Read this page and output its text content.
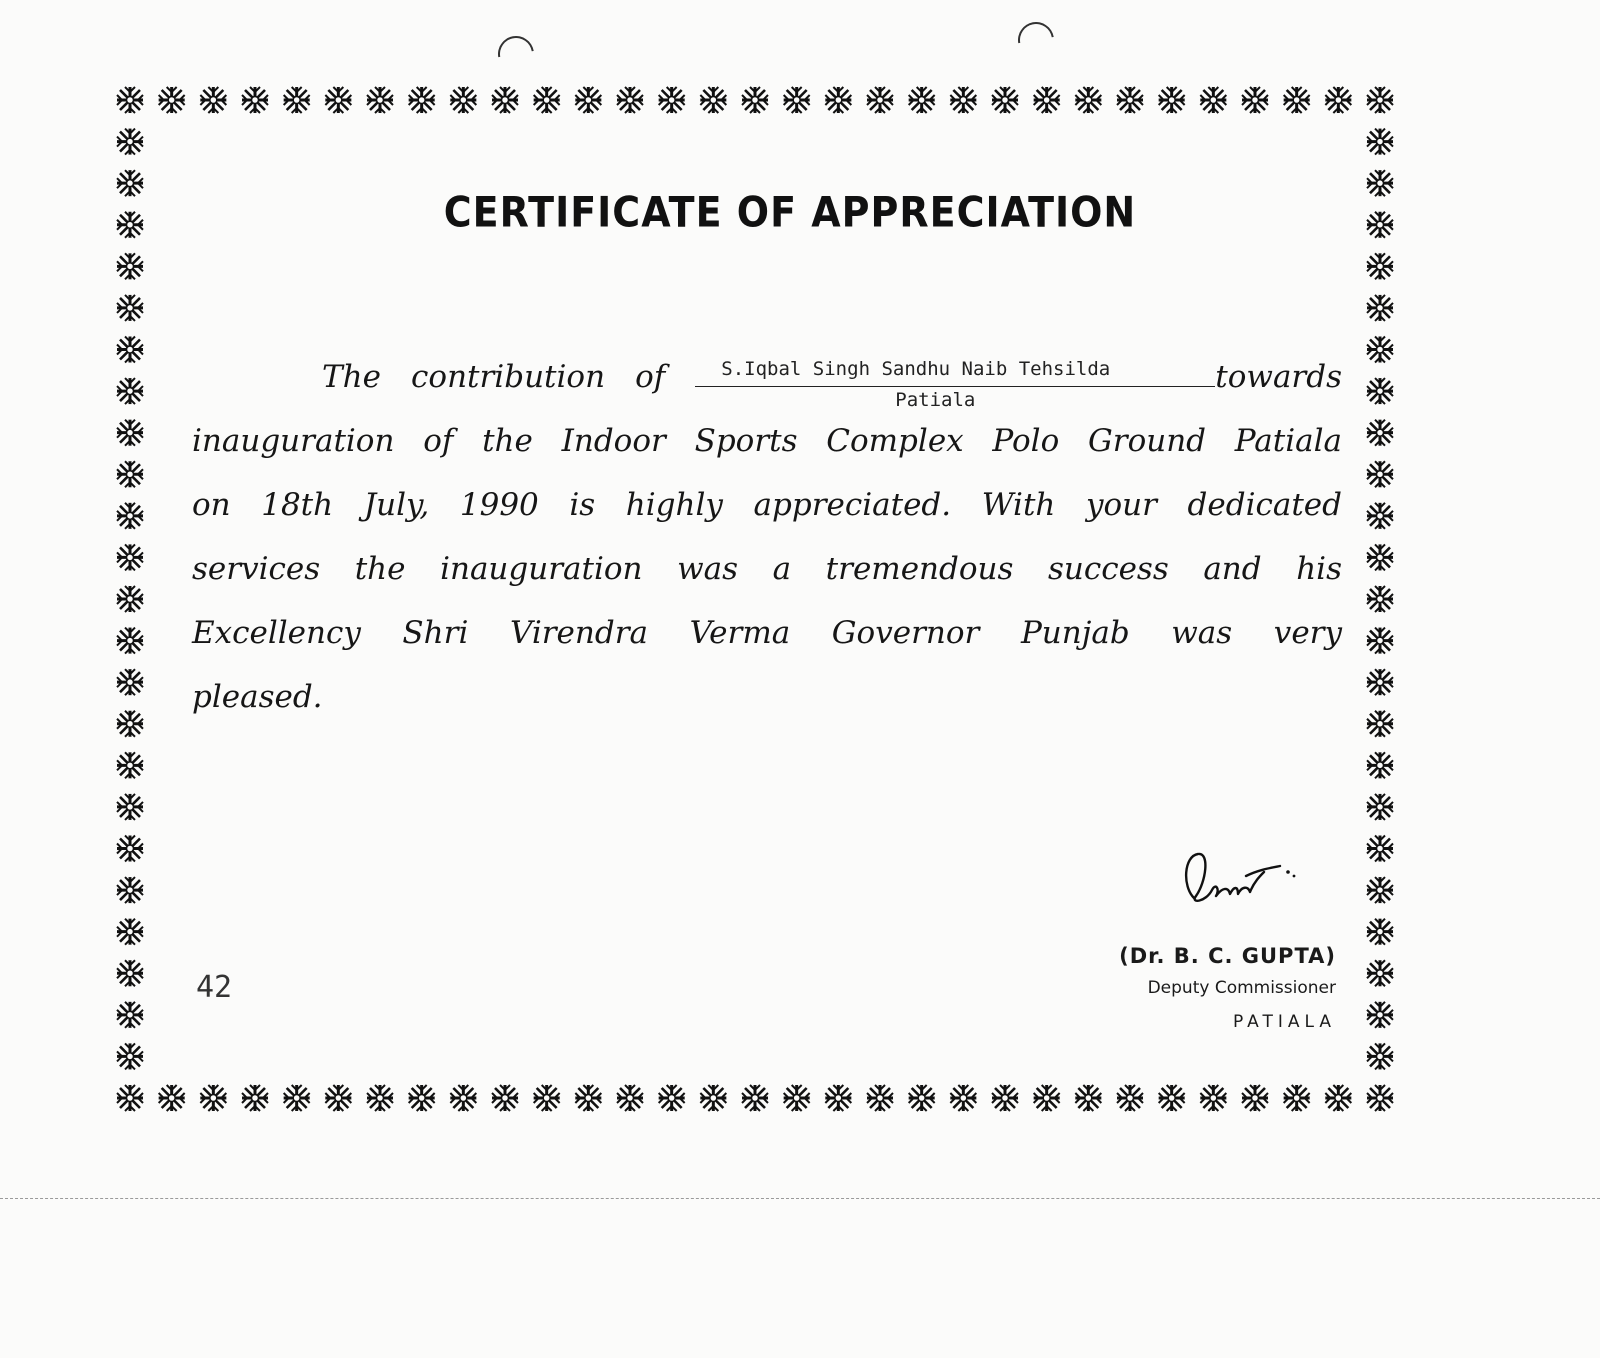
CERTIFICATE OF APPRECIATION
The contribution of	S.Iqbal Singh Sandhu Naib Tehsilda
Patiala
towards
inauguration of the Indoor Sports Complex Polo Ground Patiala
on 18th July, 1990 is highly appreciated. With your dedicated
services the inauguration was a tremendous success and his
Excellency Shri Virendra Verma Governor Punjab was very
pleased.
42
(Dr. B. C. GUPTA)
Deputy Commissioner
PATIALA
